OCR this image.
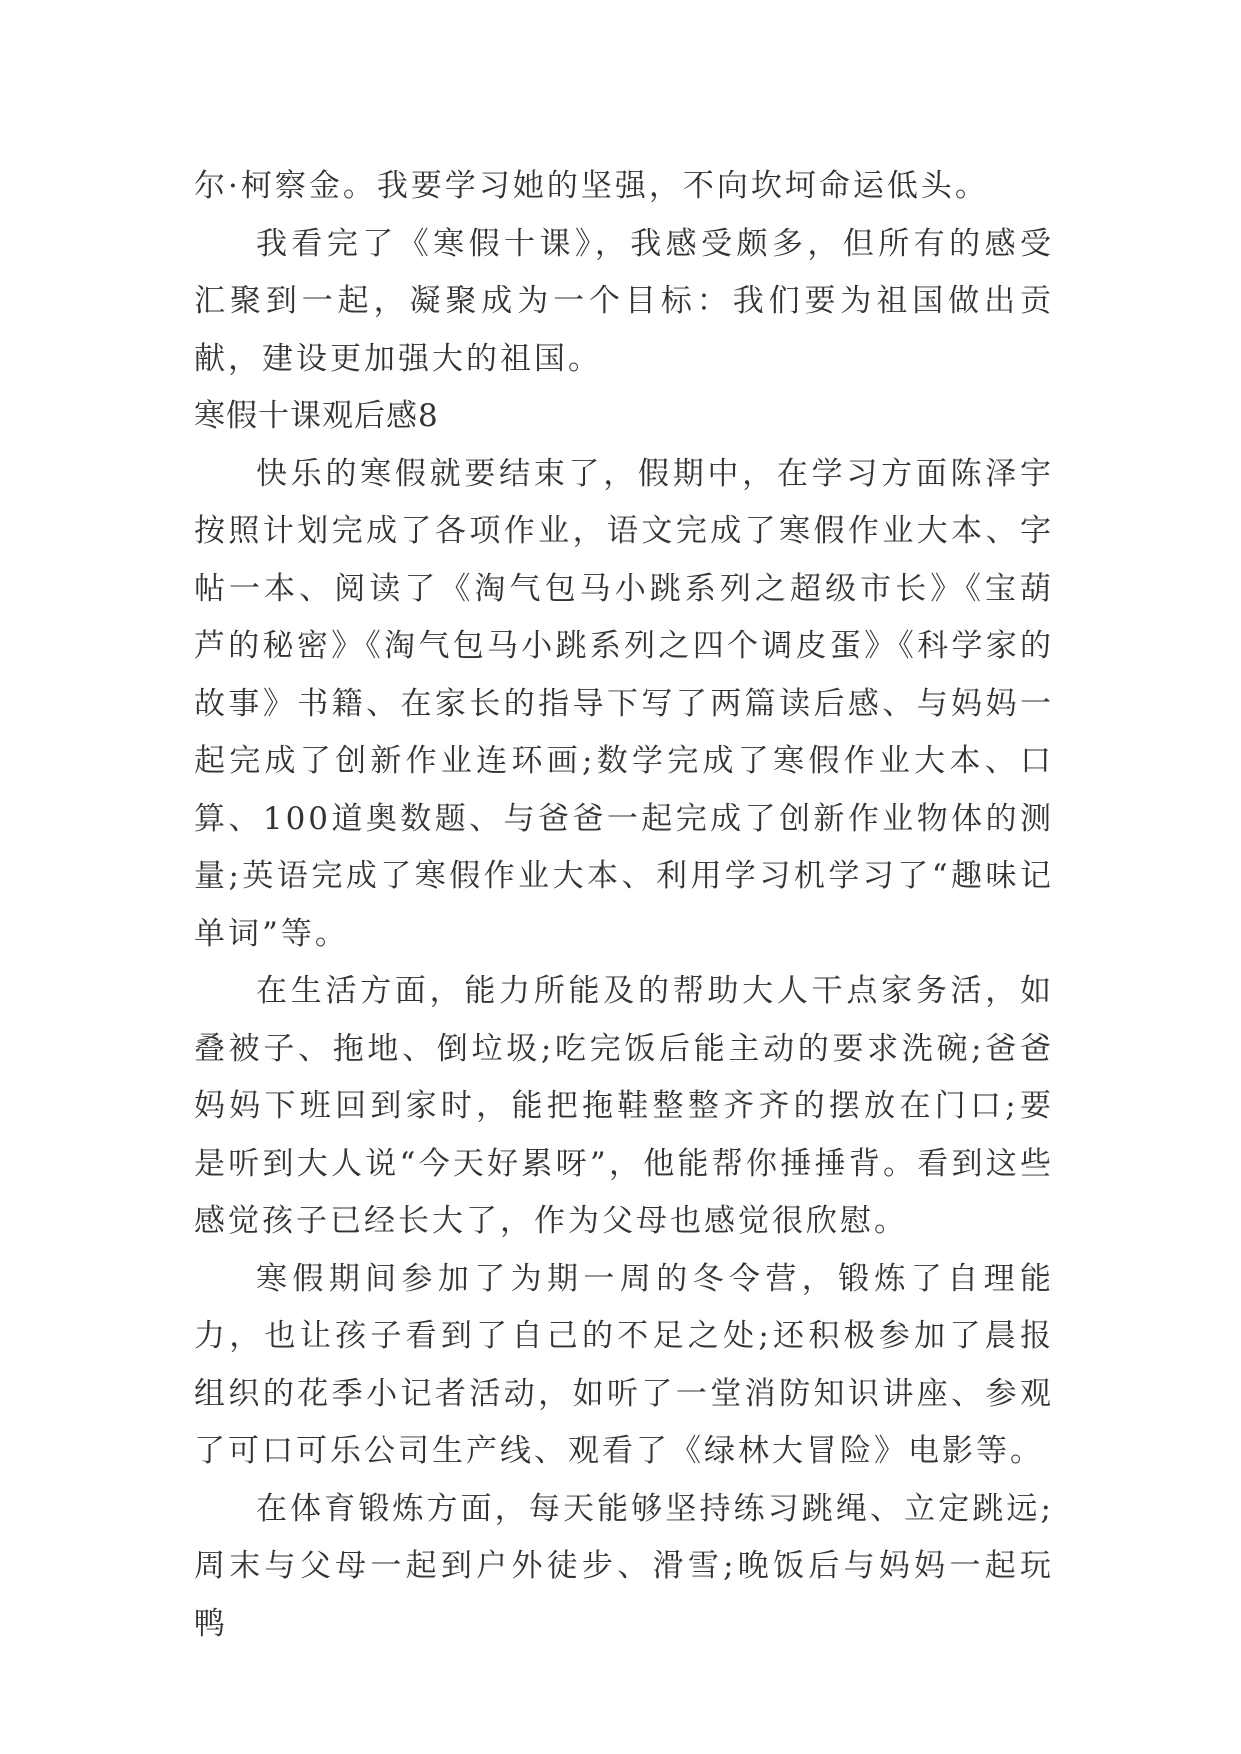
尔·柯察金。我要学习她的坚强，不向坎坷命运低头。

我看完了《寒假十课》，我感受颇多，但所有的感受汇聚到一起，凝聚成为一个目标：我们要为祖国做出贡献，建设更加强大的祖国。

寒假十课观后感8

快乐的寒假就要结束了，假期中，在学习方面陈泽宇按照计划完成了各项作业，语文完成了寒假作业大本、字帖一本、阅读了《淘气包马小跳系列之超级市长》《宝葫芦的秘密》《淘气包马小跳系列之四个调皮蛋》《科学家的故事》书籍、在家长的指导下写了两篇读后感、与妈妈一起完成了创新作业连环画;数学完成了寒假作业大本、口算、100道奥数题、与爸爸一起完成了创新作业物体的测量;英语完成了寒假作业大本、利用学习机学习了“趣味记单词”等。

在生活方面，能力所能及的帮助大人干点家务活，如叠被子、拖地、倒垃圾;吃完饭后能主动的要求洗碗;爸爸妈妈下班回到家时，能把拖鞋整整齐齐的摆放在门口;要是听到大人说“今天好累呀”，他能帮你捶捶背。看到这些感觉孩子已经长大了，作为父母也感觉很欣慰。

寒假期间参加了为期一周的冬令营，锻炼了自理能力，也让孩子看到了自己的不足之处;还积极参加了晨报组织的花季小记者活动，如听了一堂消防知识讲座、参观了可口可乐公司生产线、观看了《绿林大冒险》电影等。

在体育锻炼方面，每天能够坚持练习跳绳、立定跳远;周末与父母一起到户外徒步、滑雪;晚饭后与妈妈一起玩鸭
